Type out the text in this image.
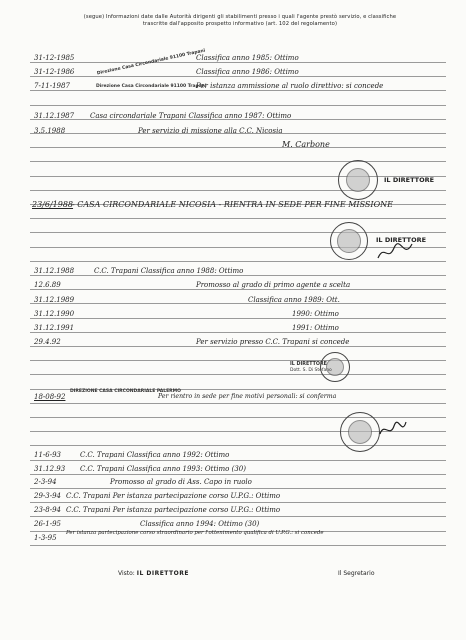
(segue) Informazioni date dalle Autorità dirigenti gli stabilimenti presso i quali l'agente prestò servizio, e classifiche
trascritte dall'apposito prospetto informativo (art. 102 del regolamento)
31-12-1985	Classifica anno 1985: Ottimo
31-12-1986	Classifica anno 1986: Ottimo
7-11-1987	Per istanza ammissione al ruolo direttivo: si concede
Direzione Casa Circondariale 91100 Trapani
Direzione Casa Circondariale 91100 Trapani
31.12.1987 Casa circondariale Trapani Classifica anno 1987: Ottimo
3.5.1988	Per servizio di missione alla C.C. Nicosia
M. Carbone
IL DIRETTORE
23/6/1988
- CASA CIRCONDARIALE NICOSIA - RIENTRA IN SEDE PER FINE MISSIONE
IL DIRETTORE
31.12.1988	C.C. Trapani Classifica anno 1988: Ottimo
12.6.89	Promosso al grado di primo agente a scelta
31.12.1989	Classifica anno 1989: Ott.
31.12.1990	1990: Ottimo
31.12.1991	1991: Ottimo
29.4.92	Per servizio presso C.C. Trapani si concede
IL DIRETTORE
Dott. S. Di Stefano
18-08-92
DIREZIONE CASA CIRCONDARIALE PALERMO
Per rientro in sede per fine motivi personali: si conferma
11-6-93	C.C. Trapani Classifica anno 1992: Ottimo
31.12.93 C.C. Trapani Classifica anno 1993: Ottimo (30)
2-3-94	Promosso al grado di Ass. Capo in ruolo
29-3-94 C.C. Trapani Per istanza partecipazione corso U.P.G.: Ottimo
23-8-94 C.C. Trapani Per istanza partecipazione corso U.P.G.: Ottimo
26-1-95	Classifica anno 1994: Ottimo (30)
1-3-95
Per istanza partecipazione corso straordinario per l'ottenimento qualifica di U.P.G.: si concede
Visto: IL DIRETTORE	Il Segretario
